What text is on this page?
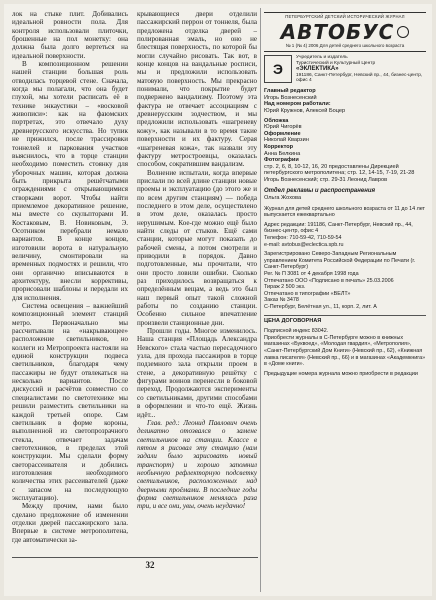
лок на стыке плит. Добивались идеальной ровности пола. Для контроля использовали плиточки, брошенные на пол монетку: она должна была долго вертеться на идеальной поверхности.

В композиционном решении нашей станции большая роль отводилась торцевой стене. Сначала, когда мы полагали, что она будет глухой, мы хотели расписать её в технике энкаустики – «восковой живописи»: как на фаюмских портретах, это отвечало духу древнерусского искусства. Но тупик не прижился, после трассировки тоннелей и паркования участков выяснилось, что в торце станции необходимо поместить стоянку для уборочных машин, которая должна быть прикрыта решётчатыми ограждениями с открывающимися створками ворот. Чтобы найти приемлемое декоративное решение, мы вместе со скульпторами И. Костаковым, В. Новиковым, Э. Осотником перебрали немало вариантов. В конце концов, изготовили ворота в натуральную величину, смонтировали на временных подмостях и решили, что они органично вписываются в архитектуру, внесли коррективы, прорисовали шаблоны и передали их для исполнения.

Система освещения – важнейший композиционный элемент станций метро. Первоначально мы рассчитывали на «накрывающее» расположение светильников, но коллеги из Метропроекта настояли на единой конструкции подвеса светильников, благодаря чему пассажиры не будут отвлекаться на несколько вариантов. После дискуссий и расчётов совместно со специалистами по светотехнике мы решили разместить светильники на каждой третьей опоре. Сам светильник в форме короны, выполненной из светопрозрачного стекла, отвечает задачам светотехников, в пределах этой конструкции. Мы сделали форму светорассеивателя и добились изготовления необходимого количества этих рассеивателей (даже с запасом на последующую эксплуатацию).

Между прочим, нами было сделано предложение об изменении отделки дверей пассажирского зала. Впервые в системе метрополитена, где автоматически за-

крывающиеся двери отделили пассажирский перрон от тоннеля, была предложена отделка дверей – полированная эмаль, но оно не блестящая поверхность, по которой бы могли случайно рисовать. Так вот, в конце концов на вандальные росписи, мы и предложили использовать матовую поверхность. Мы прекрасно понимали, что покрытие будет подвержено вандализму. Поэтому эта фактура не отвечает ассоциациям с древнерусским зодчеством, и мы предложили использовать «шагреневу кожу», как называли в то время такие поверхности и их фактуру. Серая «шагреневая кожа», так назвали эту фактуру метростроевцы, оказалась способом, сократившим вандализм.

Волнение испытали, когда впервые прислали по всей длине станции новые проемы и эксплуатацию (до этого же и по всем другим станциям) — победа последнего в этом деле, осуществлено в этом деле, оказалась просто нерушимым. Кое-где можно ещё было найти следы от стыков. Ещё сами станции, которые могут показать до рабочей смены, а потом смотрели и приводили в порядок. Давно подготовленные, мы прочитали, что они просто ловили ошибки. Сколько раз приходилось возвращаться к определённым вещам, а ведь это был наш первый опыт такой сложной работы по созданию станции. Особенно сильное впечатление произвели станционные дни.

Прошли годы. Многое изменилось. Нашa станция «Площадь Александра Невского» стала частью пересадочного узла, для прохода пассажиров в торце подземного зала открыли проем в стене, а декоративную решётку с фигурами воинов перенесли в боковой переход. Продолжаются эксперименты со светильниками, другими способами в оформлении и что-то ещё. Жизнь идёт...

Глав. ред.: Леонид Павлович очень деликатно отозвался о замене светильников на станции. Классе в пятом я рисовал эту станцию (нам задали было зарисовать новый транспорт) и хорошо запомнил необычную рефлекторную подсветку светильников, расположенных над дверными проёмами. В последние годы форма светильников менялась раза три, и все они, увы, очень неудачно!

32
ПЕТЕРБУРГСКИЙ ДЕТСКИЙ ИСТОРИЧЕСКИЙ ЖУРНАЛ
АВТОБУС
№ 1 (№ 4) 2006 Для детей среднего школьного возраста
Э
Учредитель и издатель
Туристический и Культурный Центр
«ЭКЛЕКТИКА»
191186, Санкт-Петербург, Невский пр., 44, бизнес-центр, офис 4
Главный редактор
Игорь Вознесенский
Над номером работали:
Юрий Кружнов, Алексей Боцер
Обложка
Юрий Чигорёв
Оформление
Николай Кварзин
Корректор
Анна Белкина
Фотографии
стр. 2, 6, 8, 10-12, 16, 20 предоставлены Дирекцией петербургского метрополитена; стр. 12, 14-15, 7-19, 21-28 Игорь Вознесенский; стр. 29-31 Леонид Лавров
Отдел рекламы и распространения
Ольга Жохова
Журнал для детей среднего школьного возраста от 11 до 14 лет выпускается ежеквартально
Адрес редакции: 191186, Санкт-Петербург, Невский пр., 44, бизнес-центр, офис 4
Телефон: 710-59-42, 710-59-54
e-mail: avtobus@eclectica.spb.ru
Зарегистрировано Северо-Западным Региональным управлением Комитета Российской Федерации по Печати (г. Санкт-Петербург)
Рег. № П 3081 от 4 декабря 1998 года
Отпечатано ООО «Подписано в печать» 25.03.2006
Тираж 2 500 экз.
Отпечатано в типографии «ВЕЛТ»
Заказ № 3478
С-Петербург, Белётная ул., 11, корп. 2, лит. А
ЦЕНА ДОГОВОРНАЯ
Подписной индекс 83042.
Приобрести журналы в С-Петербурге можно в книжных магазинах «Буквоед», «Молодая гвардия», «Метрополия», «Санкт-Петербургский Дом Книги» (Невский пр., 62), «Книжная лавка писателя» (Невский пр., 66) и в магазинах «Академкнига» в «Доме книги».
Предыдущие номера журнала можно приобрести в редакции
